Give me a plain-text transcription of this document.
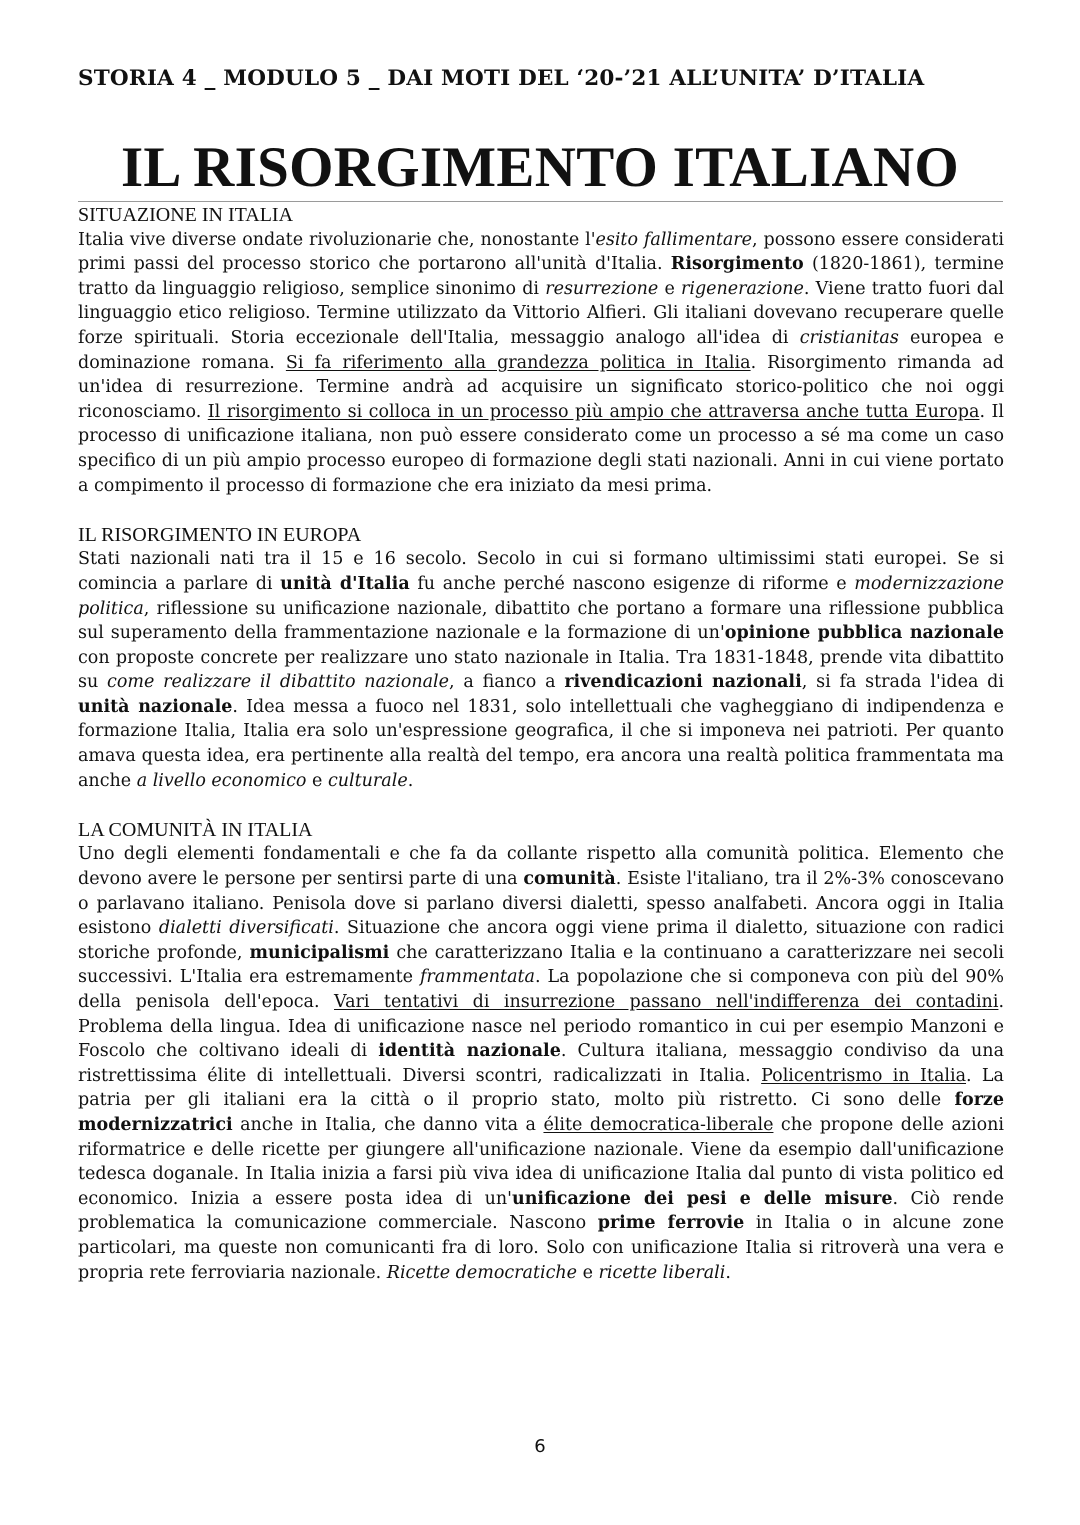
STORIA 4 _ MODULO 5 _ DAI MOTI DEL ‘20-’21 ALL’UNITA’ D’ITALIA
IL RISORGIMENTO ITALIANO
SITUAZIONE IN ITALIA

Italia vive diverse ondate rivoluzionarie che, nonostante l'esito fallimentare, possono essere considerati primi passi del processo storico che portarono all'unità d'Italia. Risorgimento (1820-1861), termine tratto da linguaggio religioso, semplice sinonimo di resurrezione e rigenerazione. Viene tratto fuori dal linguaggio etico religioso. Termine utilizzato da Vittorio Alfieri. Gli italiani dovevano recuperare quelle forze spirituali. Storia eccezionale dell'Italia, messaggio analogo all'idea di cristianitas europea e dominazione romana. Si fa riferimento alla grandezza politica in Italia. Risorgimento rimanda ad un'idea di resurrezione. Termine andrà ad acquisire un significato storico-politico che noi oggi riconosciamo. Il risorgimento si colloca in un processo più ampio che attraversa anche tutta Europa. Il processo di unificazione italiana, non può essere considerato come un processo a sé ma come un caso specifico di un più ampio processo europeo di formazione degli stati nazionali. Anni in cui viene portato a compimento il processo di formazione che era iniziato da mesi prima.

IL RISORGIMENTO IN EUROPA

Stati nazionali nati tra il 15 e 16 secolo. Secolo in cui si formano ultimissimi stati europei. Se si comincia a parlare di unità d'Italia fu anche perché nascono esigenze di riforme e modernizzazione politica, riflessione su unificazione nazionale, dibattito che portano a formare una riflessione pubblica sul superamento della frammentazione nazionale e la formazione di un'opinione pubblica nazionale con proposte concrete per realizzare uno stato nazionale in Italia. Tra 1831-1848, prende vita dibattito su come realizzare il dibattito nazionale, a fianco a rivendicazioni nazionali, si fa strada l'idea di unità nazionale. Idea messa a fuoco nel 1831, solo intellettuali che vagheggiano di indipendenza e formazione Italia, Italia era solo un'espressione geografica, il che si imponeva nei patrioti. Per quanto amava questa idea, era pertinente alla realtà del tempo, era ancora una realtà politica frammentata ma anche a livello economico e culturale.

LA COMUNITÀ IN ITALIA

Uno degli elementi fondamentali e che fa da collante rispetto alla comunità politica. Elemento che devono avere le persone per sentirsi parte di una comunità. Esiste l'italiano, tra il 2%-3% conoscevano o parlavano italiano. Penisola dove si parlano diversi dialetti, spesso analfabeti. Ancora oggi in Italia esistono dialetti diversificati. Situazione che ancora oggi viene prima il dialetto, situazione con radici storiche profonde, municipalismi che caratterizzano Italia e la continuano a caratterizzare nei secoli successivi. L'Italia era estremamente frammentata. La popolazione che si componeva con più del 90% della penisola dell'epoca. Vari tentativi di insurrezione passano nell'indifferenza dei contadini. Problema della lingua. Idea di unificazione nasce nel periodo romantico in cui per esempio Manzoni e Foscolo che coltivano ideali di identità nazionale. Cultura italiana, messaggio condiviso da una ristrettissima élite di intellettuali. Diversi scontri, radicalizzati in Italia. Policentrismo in Italia. La patria per gli italiani era la città o il proprio stato, molto più ristretto. Ci sono delle forze modernizzatrici anche in Italia, che danno vita a élite democratica-liberale che propone delle azioni riformatrice e delle ricette per giungere all'unificazione nazionale. Viene da esempio dall'unificazione tedesca doganale. In Italia inizia a farsi più viva idea di unificazione Italia dal punto di vista politico ed economico. Inizia a essere posta idea di un'unificazione dei pesi e delle misure. Ciò rende problematica la comunicazione commerciale. Nascono prime ferrovie in Italia o in alcune zone particolari, ma queste non comunicanti fra di loro. Solo con unificazione Italia si ritroverà una vera e propria rete ferroviaria nazionale. Ricette democratiche e ricette liberali.

6
